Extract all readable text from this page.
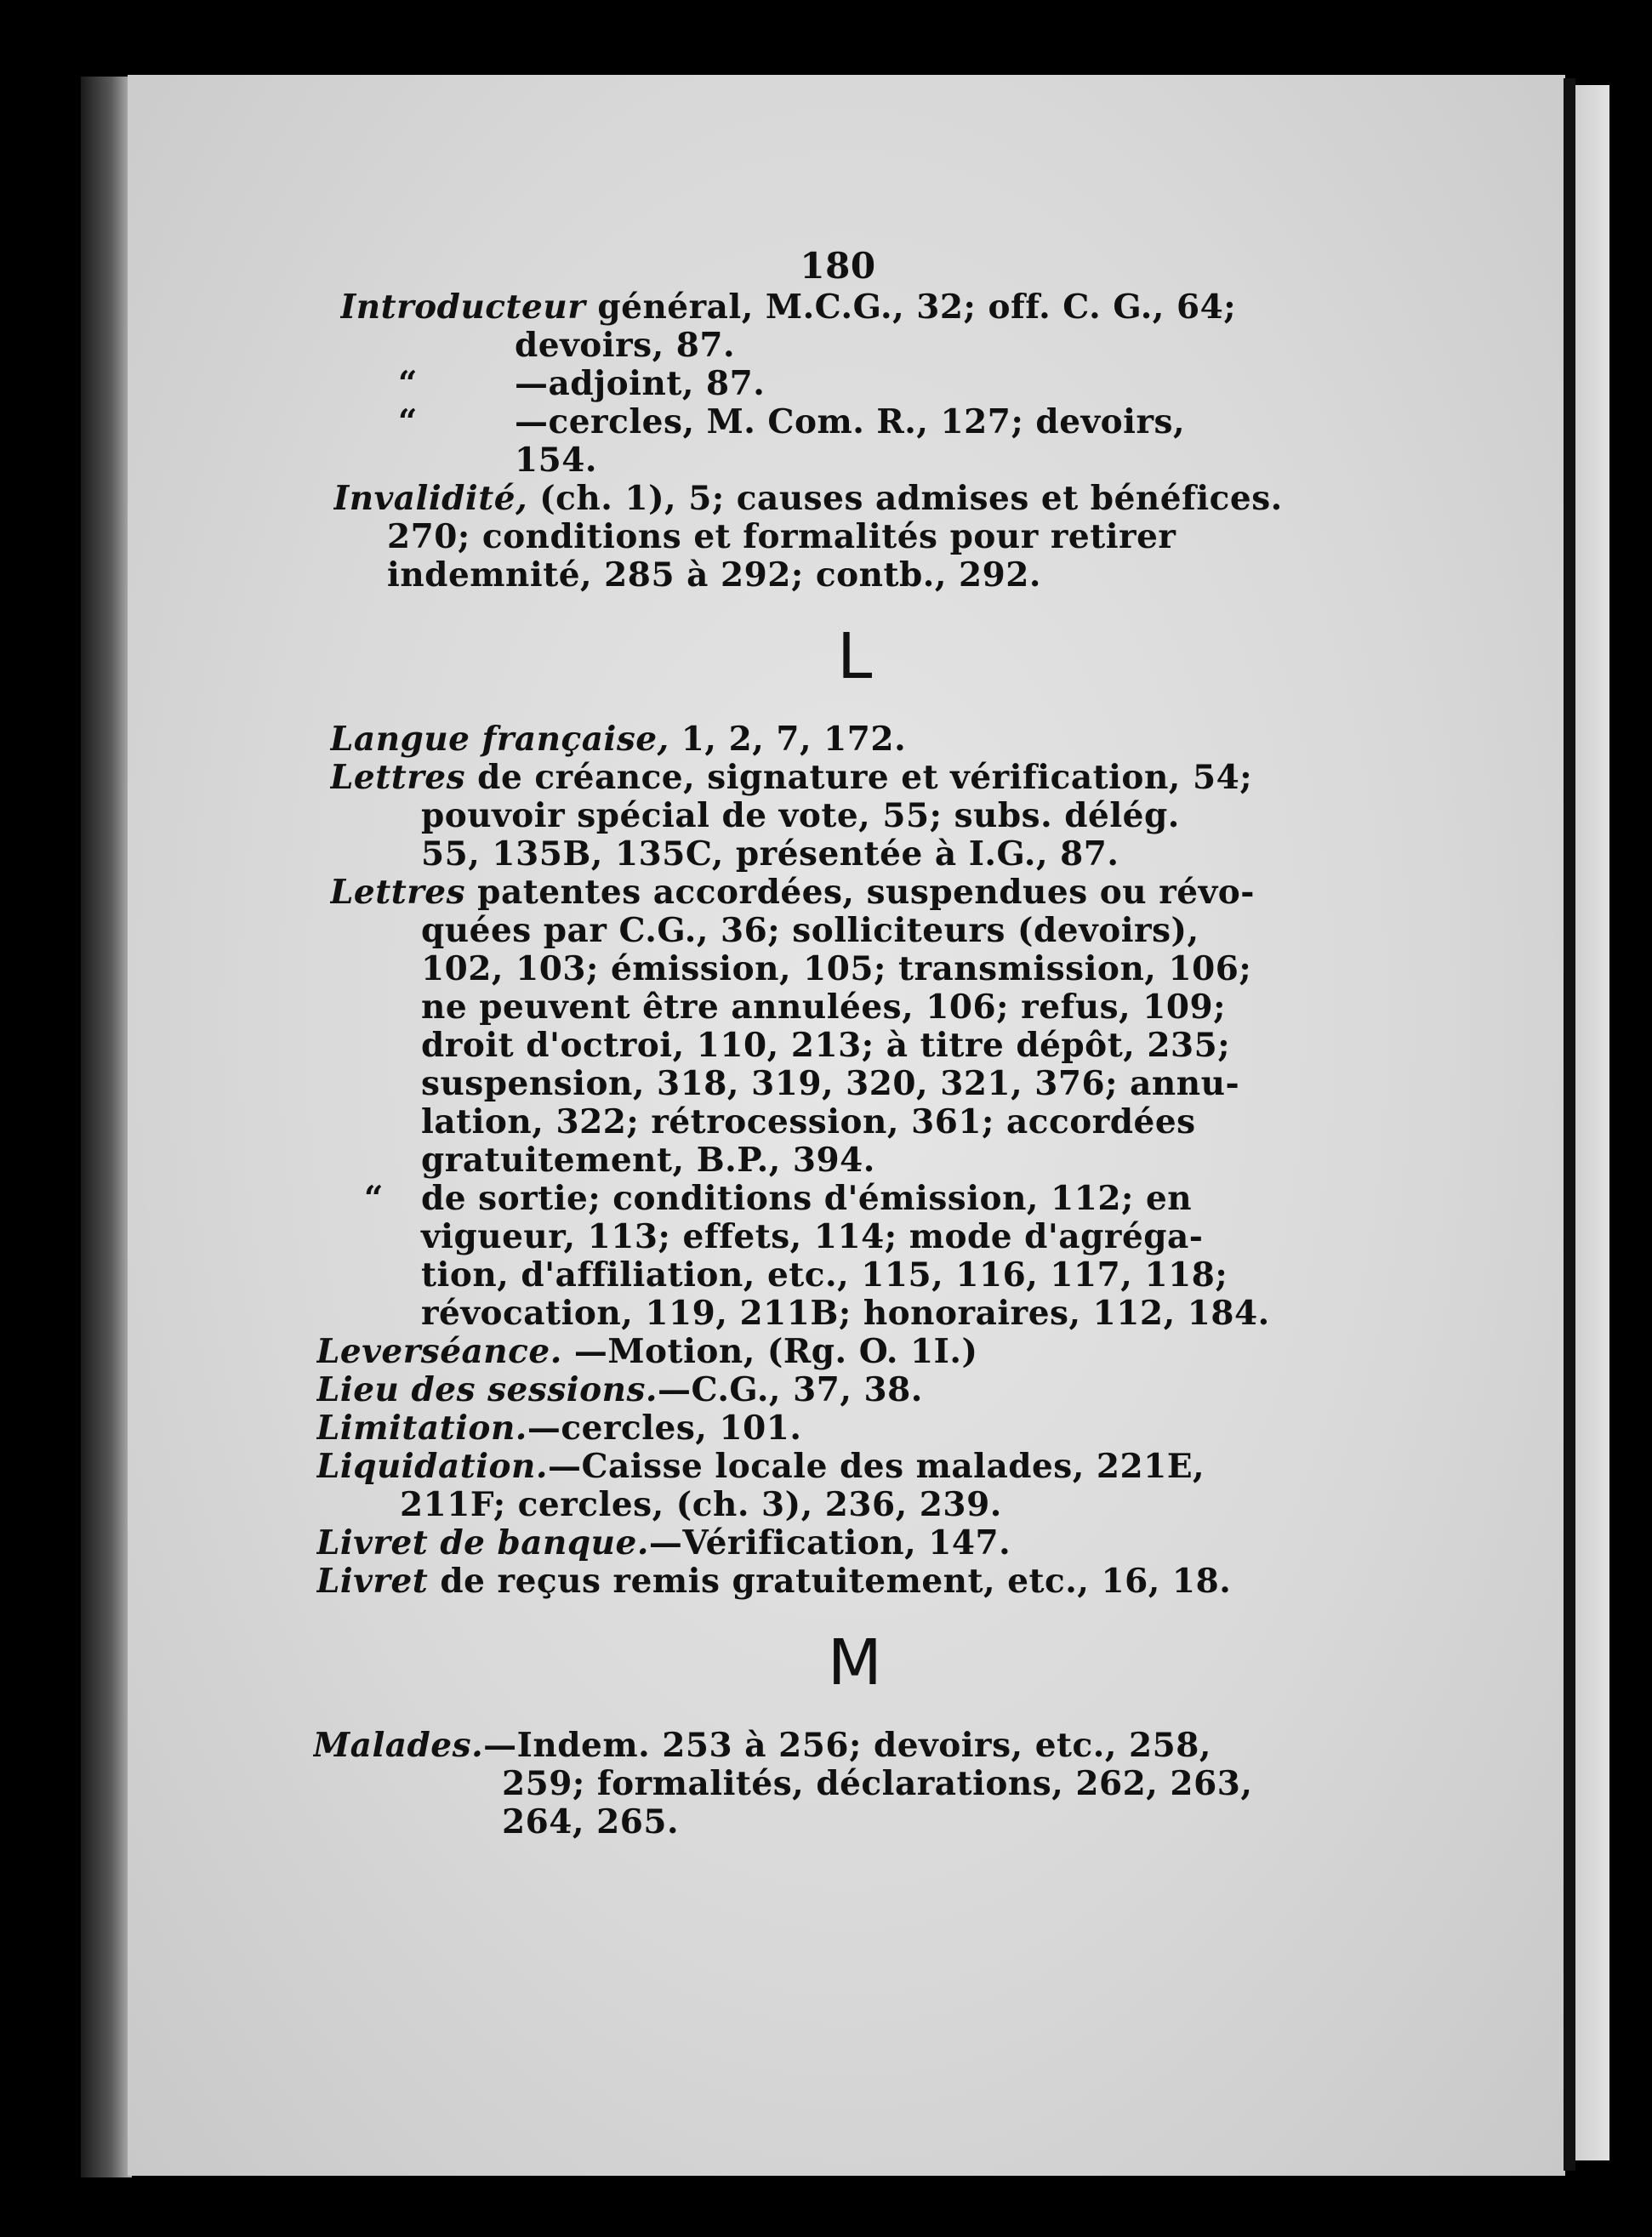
180
Introducteur général, M.C.G., 32; off. C. G., 64;
devoirs, 87.
“	—adjoint, 87.
“	—cercles, M. Com. R., 127; devoirs,
154.
Invalidité, (ch. 1), 5; causes admises et bénéfices.
270; conditions et formalités pour retirer
indemnité, 285 à 292; contb., 292.
L
Langue française, 1, 2, 7, 172.
Lettres de créance, signature et vérification, 54;
pouvoir spécial de vote, 55; subs. délég.
55, 135B, 135C, présentée à I.G., 87.
Lettres patentes accordées, suspendues ou révo-
quées par C.G., 36; solliciteurs (devoirs),
102, 103; émission, 105; transmission, 106;
ne peuvent être annulées, 106; refus, 109;
droit d'octroi, 110, 213; à titre dépôt, 235;
suspension, 318, 319, 320, 321, 376; annu-
lation, 322; rétrocession, 361; accordées
gratuitement, B.P., 394.
“ de sortie; conditions d'émission, 112; en
vigueur, 113; effets, 114; mode d'agréga-
tion, d'affiliation, etc., 115, 116, 117, 118;
révocation, 119, 211B; honoraires, 112, 184.
Leverséance. —Motion, (Rg. O. 1I.)
Lieu des sessions.—C.G., 37, 38.
Limitation.—cercles, 101.
Liquidation.—Caisse locale des malades, 221E,
211F; cercles, (ch. 3), 236, 239.
Livret de banque.—Vérification, 147.
Livret de reçus remis gratuitement, etc., 16, 18.
M
Malades.—Indem. 253 à 256; devoirs, etc., 258,
259; formalités, déclarations, 262, 263,
264, 265.
